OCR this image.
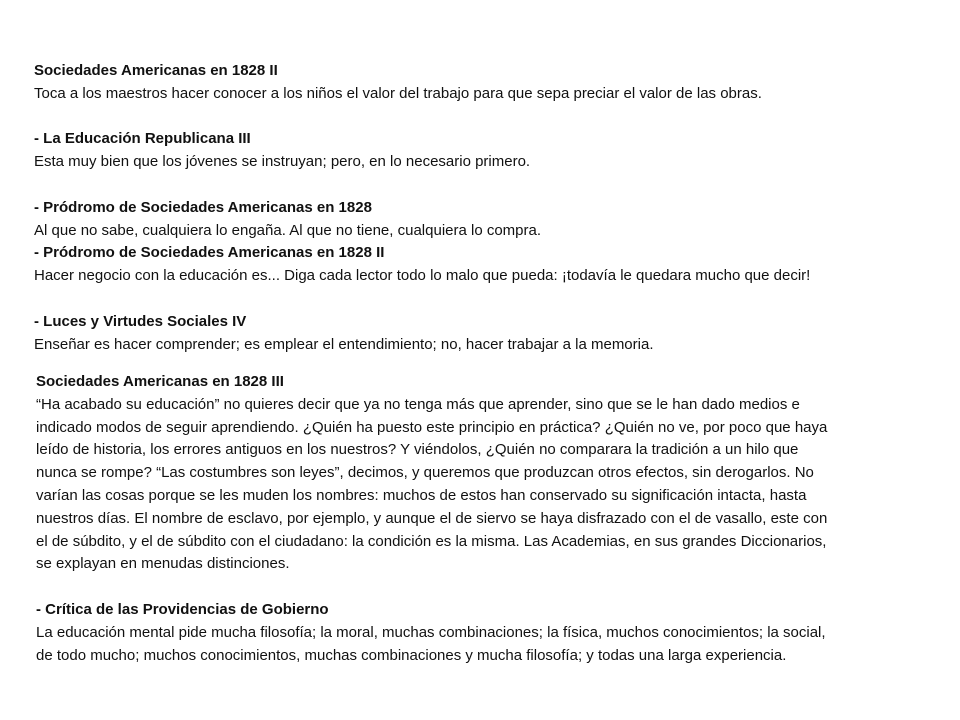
Sociedades Americanas en 1828 II
Toca a los maestros hacer conocer a los niños el valor del trabajo para que sepa preciar el valor de las obras.
- La Educación Republicana III
Esta muy bien que los jóvenes se instruyan; pero, en lo necesario primero.
- Pródromo de Sociedades Americanas en 1828
Al que no sabe, cualquiera lo engaña. Al que no tiene, cualquiera lo compra.
- Pródromo de Sociedades Americanas en 1828 II
Hacer negocio con la educación es... Diga cada lector todo lo malo que pueda: ¡todavía le quedara mucho que decir!
- Luces y Virtudes Sociales IV
Enseñar es hacer comprender; es emplear el entendimiento; no, hacer trabajar a la memoria.
Sociedades Americanas en 1828 III
“Ha acabado su educación” no quieres decir que ya no tenga más que aprender, sino que se le han dado medios e
indicado modos de seguir aprendiendo. ¿Quién ha puesto este principio en práctica? ¿Quién no ve, por poco que haya
leído de historia, los errores antiguos en los nuestros? Y viéndolos, ¿Quién no compararа la tradición a un hilo que
nunca se rompe? “Las costumbres son leyes”, decimos, y queremos que produzcan otros efectos, sin derogarlos. No
varían las cosas porque se les muden los nombres: muchos de estos han conservado su significación intacta, hasta
nuestros días. El nombre de esclavo, por ejemplo, y aunque el de siervo se haya disfrazado con el de vasallo, este con
el de súbdito, y el de súbdito con el ciudadano: la condición es la misma. Las Academias, en sus grandes Diccionarios,
se explayan en menudas distinciones.
- Crítica de las Providencias de Gobierno
La educación mental pide mucha filosofía; la moral, muchas combinaciones; la física, muchos conocimientos; la social,
de todo mucho; muchos conocimientos, muchas combinaciones y mucha filosofía; y todas una larga experiencia.
